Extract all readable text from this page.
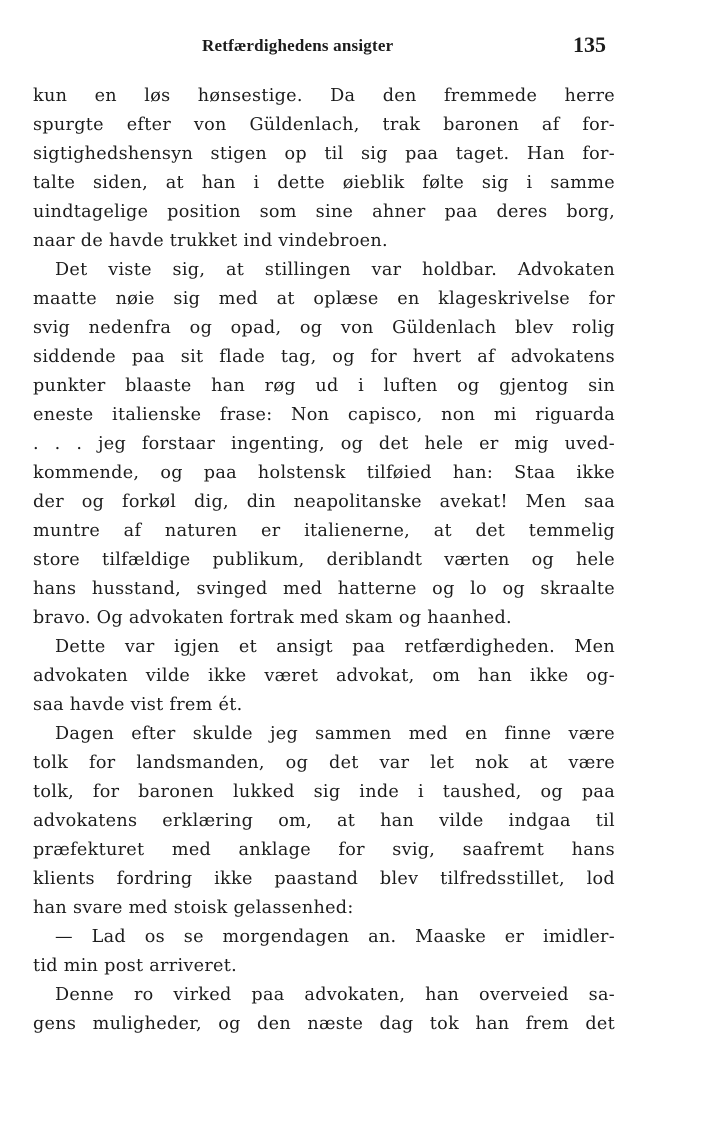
Retfærdighedens ansigter	135
kun en løs hønsestige. Da den fremmede herre
spurgte efter von Güldenlach, trak baronen af for-
sigtighedshensyn stigen op til sig paa taget. Han for-
talte siden, at han i dette øieblik følte sig i samme
uindtagelige position som sine ahner paa deres borg,
naar de havde trukket ind vindebroen.
Det viste sig, at stillingen var holdbar. Advokaten
maatte nøie sig med at oplæse en klageskrivelse for
svig nedenfra og opad, og von Güldenlach blev rolig
siddende paa sit flade tag, og for hvert af advokatens
punkter blaaste han røg ud i luften og gjentog sin
eneste italienske frase: Non capisco, non mi riguarda
. . . jeg forstaar ingenting, og det hele er mig uved-
kommende, og paa holstensk tilføied han: Staa ikke
der og forkøl dig, din neapolitanske avekat! Men saa
muntre af naturen er italienerne, at det temmelig
store tilfældige publikum, deriblandt værten og hele
hans husstand, svinged med hatterne og lo og skraalte
bravo. Og advokaten fortrak med skam og haanhed.
Dette var igjen et ansigt paa retfærdigheden. Men
advokaten vilde ikke været advokat, om han ikke og-
saa havde vist frem ét.
Dagen efter skulde jeg sammen med en finne være
tolk for landsmanden, og det var let nok at være
tolk, for baronen lukked sig inde i taushed, og paa
advokatens erklæring om, at han vilde indgaa til
præfekturet med anklage for svig, saafremt hans
klients fordring ikke paastand blev tilfredsstillet, lod
han svare med stoisk gelassenhed:
— Lad os se morgendagen an. Maaske er imidler-
tid min post arriveret.
Denne ro virked paa advokaten, han overveied sa-
gens muligheder, og den næste dag tok han frem det
